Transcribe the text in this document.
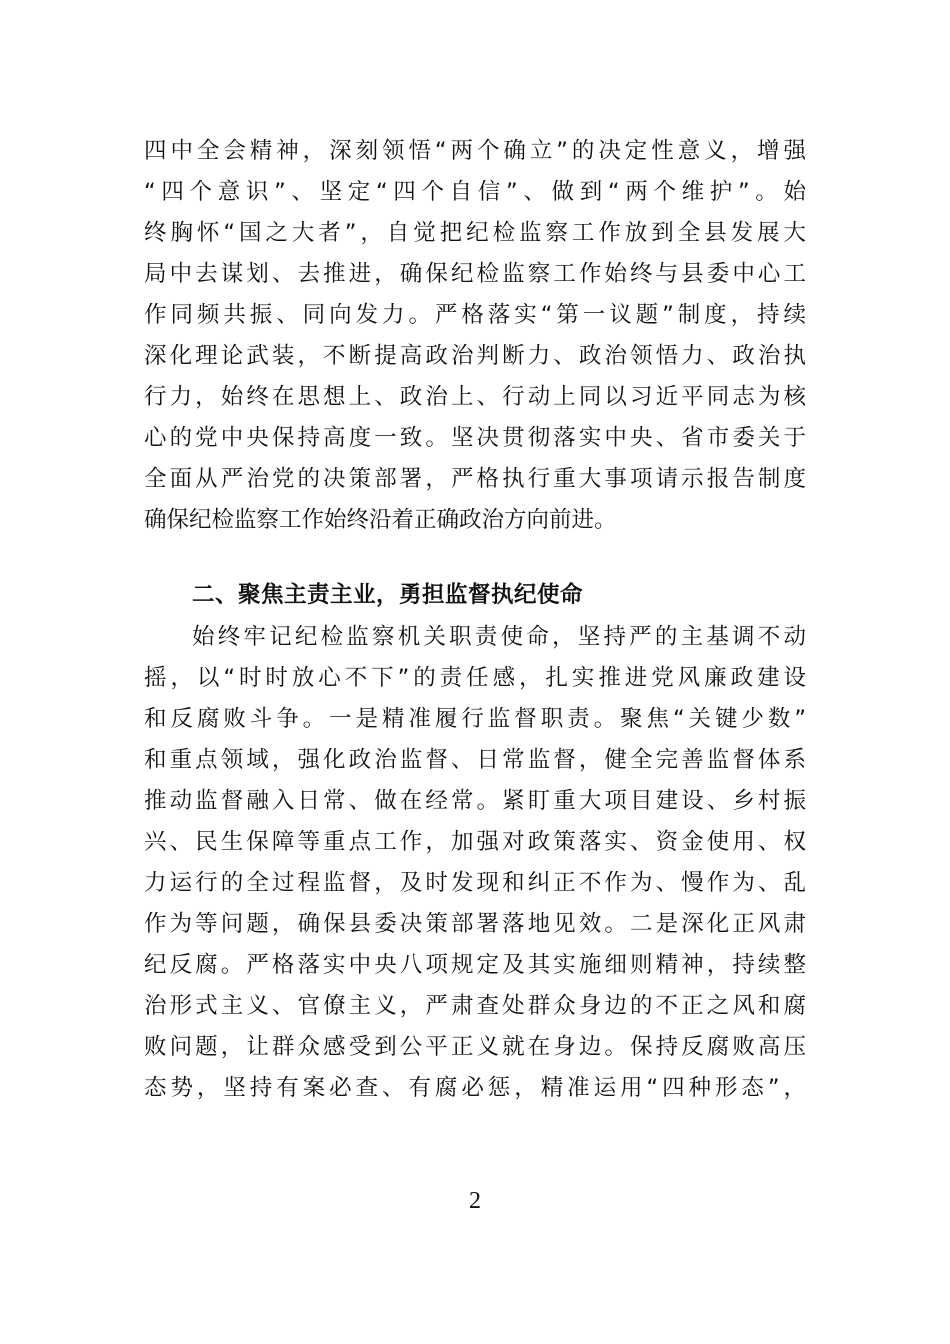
四中全会精神，深刻领悟“两个确立”的决定性意义，增强
“四个意识”、坚定“四个自信”、做到“两个维护”。始
终胸怀“国之大者”，自觉把纪检监察工作放到全县发展大
局中去谋划、去推进，确保纪检监察工作始终与县委中心工
作同频共振、同向发力。严格落实“第一议题”制度，持续
深化理论武装，不断提高政治判断力、政治领悟力、政治执
行力，始终在思想上、政治上、行动上同以习近平同志为核
心的党中央保持高度一致。坚决贯彻落实中央、省市委关于
全面从严治党的决策部署，严格执行重大事项请示报告制度
确保纪检监察工作始终沿着正确政治方向前进。
二、聚焦主责主业，勇担监督执纪使命
始终牢记纪检监察机关职责使命，坚持严的主基调不动
摇，以“时时放心不下”的责任感，扎实推进党风廉政建设
和反腐败斗争。一是精准履行监督职责。聚焦“关键少数”
和重点领域，强化政治监督、日常监督，健全完善监督体系
推动监督融入日常、做在经常。紧盯重大项目建设、乡村振
兴、民生保障等重点工作，加强对政策落实、资金使用、权
力运行的全过程监督，及时发现和纠正不作为、慢作为、乱
作为等问题，确保县委决策部署落地见效。二是深化正风肃
纪反腐。严格落实中央八项规定及其实施细则精神，持续整
治形式主义、官僚主义，严肃查处群众身边的不正之风和腐
败问题，让群众感受到公平正义就在身边。保持反腐败高压
态势，坚持有案必查、有腐必惩，精准运用“四种形态”，
2
